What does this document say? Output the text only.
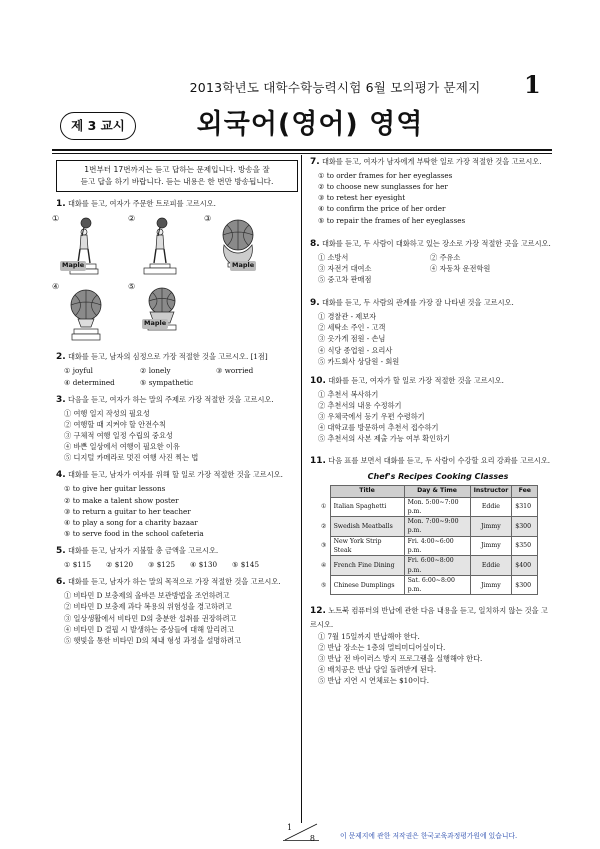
2013학년도 대학수학능력시험 6월 모의평가 문제지	1
제 3 교시	외국어(영어) 영역
1번부터 17번까지는 듣고 답하는 문제입니다. 방송을 잘
듣고 답을 하기 바랍니다. 듣는 내용은 한 번만 방송됩니다.
1. 대화를 듣고, 여자가 주문한 트로피를 고르시오.
①
Maple
②	③
Maple
④	⑤
Maple
2. 대화를 듣고, 남자의 심정으로 가장 적절한 것을 고르시오. [1점]
① joyful	② lonely	③ worried
④ determined	⑤ sympathetic
3. 다음을 듣고, 여자가 하는 말의 주제로 가장 적절한 것을 고르시오.
① 여행 일지 작성의 필요성
② 여행할 때 지켜야 할 안전수칙
③ 구체적 여행 일정 수립의 중요성
④ 바쁜 일상에서 여행이 필요한 이유
⑤ 디지털 카메라로 멋진 여행 사진 찍는 법
4. 대화를 듣고, 남자가 여자를 위해 할 일로 가장 적절한 것을 고르시오.
① to give her guitar lessons
② to make a talent show poster
③ to return a guitar to her teacher
④ to play a song for a charity bazaar
⑤ to serve food in the school cafeteria
5. 대화를 듣고, 남자가 지불할 총 금액을 고르시오.
① $115	② $120	③ $125	④ $130	⑤ $145
6. 대화를 듣고, 남자가 하는 말의 목적으로 가장 적절한 것을 고르시오.
① 비타민 D 보충제의 올바른 보관방법을 조언하려고
② 비타민 D 보충제 과다 복용의 위험성을 경고하려고
③ 일상생활에서 비타민 D의 충분한 섭취를 권장하려고
④ 비타민 D 결핍 시 발생하는 증상들에 대해 알리려고
⑤ 햇빛을 통한 비타민 D의 체내 형성 과정을 설명하려고
7. 대화를 듣고, 여자가 남자에게 부탁한 일로 가장 적절한 것을 고르시오.
① to order frames for her eyeglasses
② to choose new sunglasses for her
③ to retest her eyesight
④ to confirm the price of her order
⑤ to repair the frames of her eyeglasses
8. 대화를 듣고, 두 사람이 대화하고 있는 장소로 가장 적절한 곳을 고르시오.
① 소방서	② 주유소
③ 자전거 대여소	④ 자동차 운전학원
⑤ 중고차 판매점
9. 대화를 듣고, 두 사람의 관계를 가장 잘 나타낸 것을 고르시오.
① 경찰관 - 제보자
② 세탁소 주인 - 고객
③ 옷가게 점원 - 손님
④ 식당 종업원 - 요리사
⑤ 카드회사 상담원 - 회원
10. 대화를 듣고, 여자가 할 일로 가장 적절한 것을 고르시오.
① 추천서 복사하기
② 추천서의 내용 수정하기
③ 우체국에서 등기 우편 수령하기
④ 대학교를 방문하여 추천서 접수하기
⑤ 추천서의 사본 제출 가능 여부 확인하기
11. 다음 표를 보면서 대화를 듣고, 두 사람이 수강할 요리 강좌를 고르시오.
Chef's Recipes Cooking Classes
	Title	Day & Time	Instructor	Fee
①	Italian Spaghetti	Mon. 5:00~7:00 p.m.	Eddie	$310
②	Swedish Meatballs	Mon. 7:00~9:00 p.m.	Jimmy	$300
③	New York Strip Steak	Fri. 4:00~6:00 p.m.	Jimmy	$350
④	French Fine Dining	Fri. 6:00~8:00 p.m.	Eddie	$400
⑤	Chinese Dumplings	Sat. 6:00~8:00 p.m.	Jimmy	$300
12. 노트북 컴퓨터의 반납에 관한 다음 내용을 듣고, 일치하지 않는 것을 고르시오.
① 7월 15일까지 반납해야 한다.
② 반납 장소는 1층의 멀티미디어실이다.
③ 반납 전 바이러스 방지 프로그램을 실행해야 한다.
④ 배치공은 반납 당일 돌려받게 된다.
⑤ 반납 지연 시 연체료는 $10이다.
1
8	이 문제지에 관한 저작권은 한국교육과정평가원에 있습니다.
